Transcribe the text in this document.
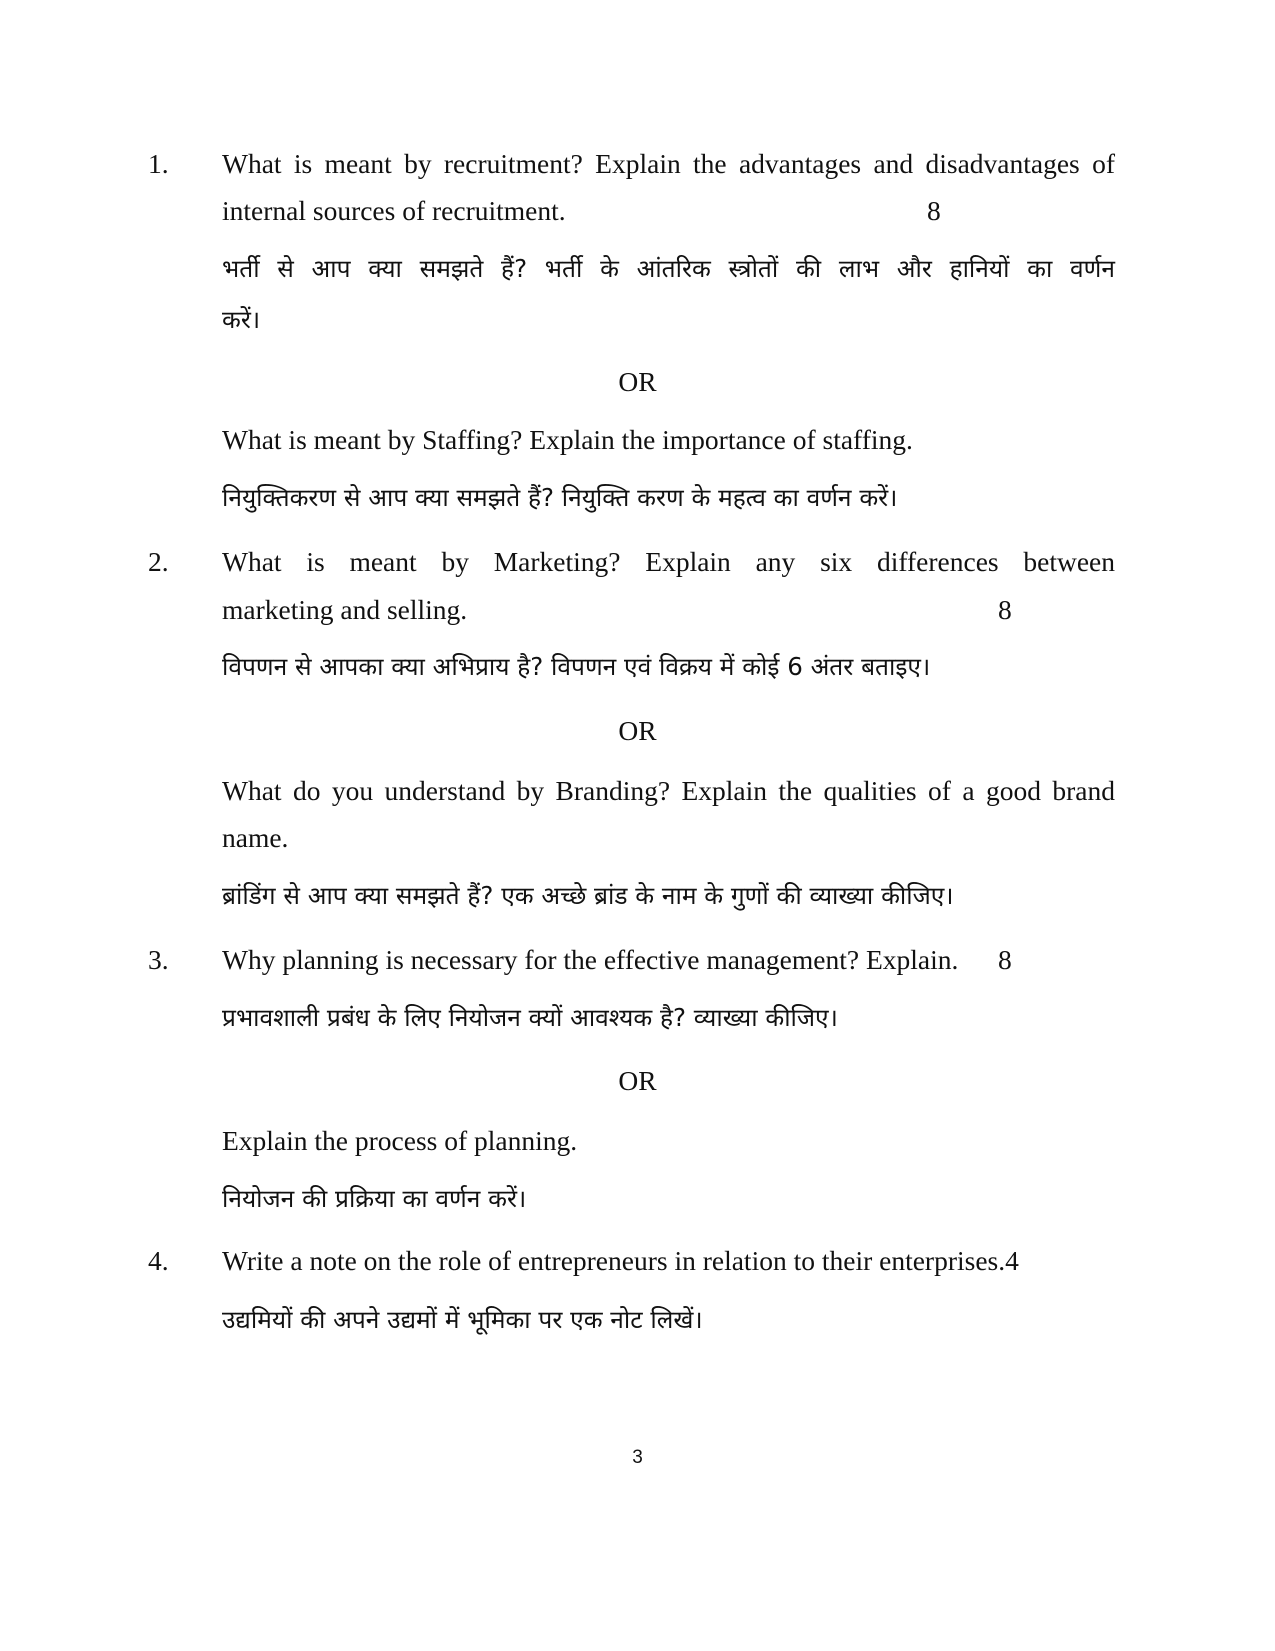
1. What is meant by recruitment? Explain the advantages and disadvantages of
internal sources of recruitment.	8
भर्ती से आप क्या समझते हैं? भर्ती के आंतरिक स्त्रोतों की लाभ और हानियों का वर्णन
करें।
OR
What is meant by Staffing? Explain the importance of staffing.
नियुक्तिकरण से आप क्या समझते हैं? नियुक्ति करण के महत्व का वर्णन करें।
2. What is meant by Marketing? Explain any six differences between
marketing and selling.	8
विपणन से आपका क्या अभिप्राय है? विपणन एवं विक्रय में कोई 6 अंतर बताइए।
OR
What do you understand by Branding? Explain the qualities of a good brand
name.
ब्रांडिंग से आप क्या समझते हैं? एक अच्छे ब्रांड के नाम के गुणों की व्याख्या कीजिए।
3. Why planning is necessary for the effective management? Explain. 8
प्रभावशाली प्रबंध के लिए नियोजन क्यों आवश्यक है? व्याख्या कीजिए।
OR
Explain the process of planning.
नियोजन की प्रक्रिया का वर्णन करें।
4. Write a note on the role of entrepreneurs in relation to their enterprises.4
उद्यमियों की अपने उद्यमों में भूमिका पर एक नोट लिखें।
3
